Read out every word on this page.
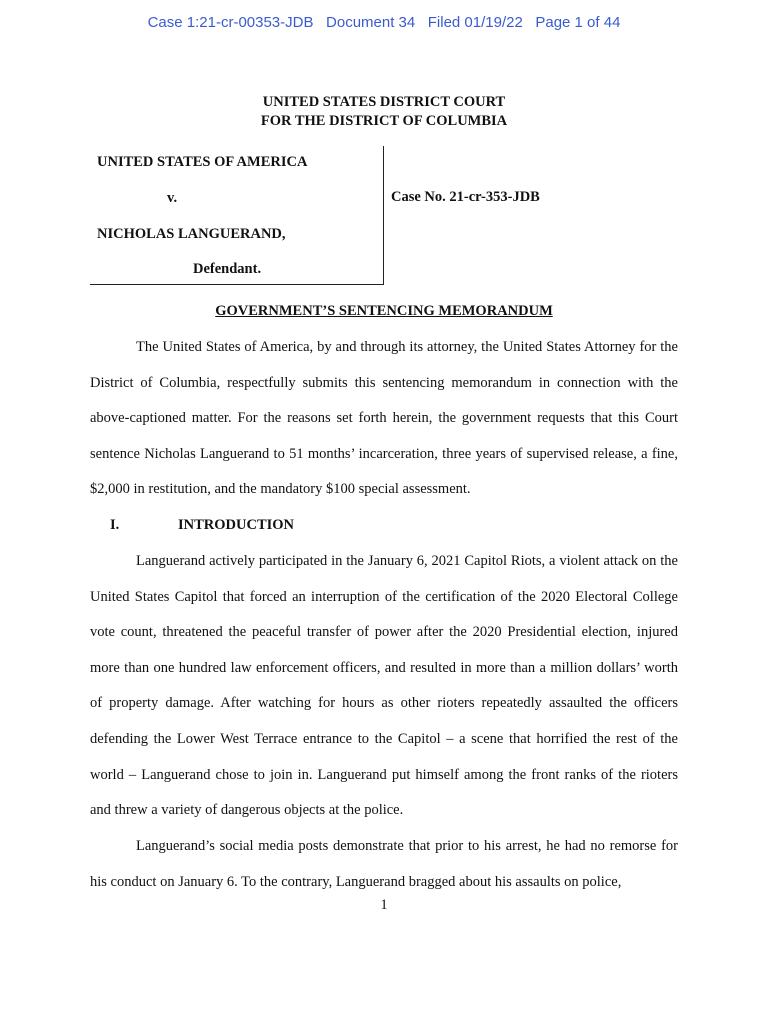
Case 1:21-cr-00353-JDB Document 34 Filed 01/19/22 Page 1 of 44
UNITED STATES DISTRICT COURT
FOR THE DISTRICT OF COLUMBIA
UNITED STATES OF AMERICA
v.
NICHOLAS LANGUERAND,
Defendant.
Case No. 21-cr-353-JDB
GOVERNMENT’S SENTENCING MEMORANDUM
The United States of America, by and through its attorney, the United States Attorney for the District of Columbia, respectfully submits this sentencing memorandum in connection with the above-captioned matter. For the reasons set forth herein, the government requests that this Court sentence Nicholas Languerand to 51 months’ incarceration, three years of supervised release, a fine, $2,000 in restitution, and the mandatory $100 special assessment.
I.	INTRODUCTION
Languerand actively participated in the January 6, 2021 Capitol Riots, a violent attack on the United States Capitol that forced an interruption of the certification of the 2020 Electoral College vote count, threatened the peaceful transfer of power after the 2020 Presidential election, injured more than one hundred law enforcement officers, and resulted in more than a million dollars’ worth of property damage. After watching for hours as other rioters repeatedly assaulted the officers defending the Lower West Terrace entrance to the Capitol – a scene that horrified the rest of the world – Languerand chose to join in. Languerand put himself among the front ranks of the rioters and threw a variety of dangerous objects at the police.
Languerand’s social media posts demonstrate that prior to his arrest, he had no remorse for his conduct on January 6. To the contrary, Languerand bragged about his assaults on police,
1
